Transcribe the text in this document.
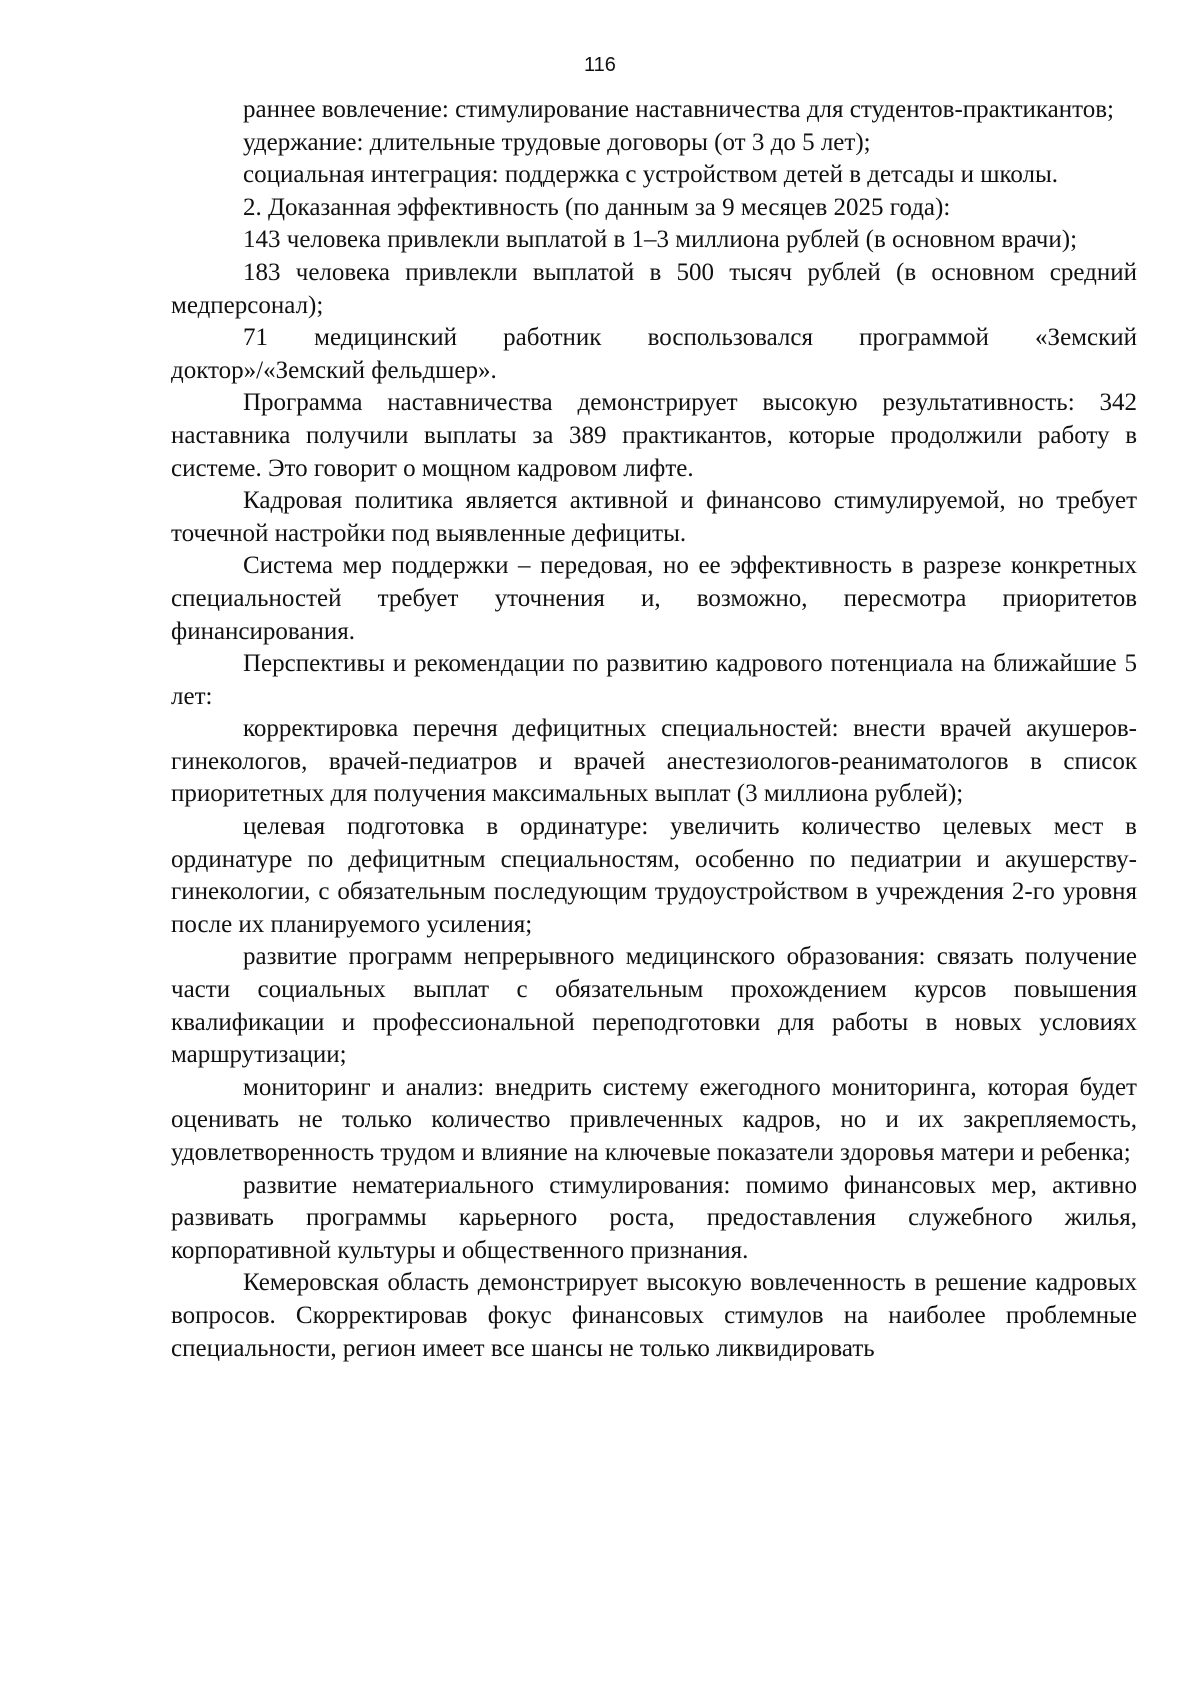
116

раннее вовлечение: стимулирование наставничества для студентов-практикантов;

удержание: длительные трудовые договоры (от 3 до 5 лет);

социальная интеграция: поддержка с устройством детей в детсады и школы.

2. Доказанная эффективность (по данным за 9 месяцев 2025 года):

143 человека привлекли выплатой в 1–3 миллиона рублей (в основном врачи);

183 человека привлекли выплатой в 500 тысяч рублей (в основном средний медперсонал);

71 медицинский работник воспользовался программой «Земский доктор»/«Земский фельдшер».

Программа наставничества демонстрирует высокую результативность: 342 наставника получили выплаты за 389 практикантов, которые продолжили работу в системе. Это говорит о мощном кадровом лифте.

Кадровая политика является активной и финансово стимулируемой, но требует точечной настройки под выявленные дефициты.

Система мер поддержки – передовая, но ее эффективность в разрезе конкретных специальностей требует уточнения и, возможно, пересмотра приоритетов финансирования.

Перспективы и рекомендации по развитию кадрового потенциала на ближайшие 5 лет:

корректировка перечня дефицитных специальностей: внести врачей акушеров-гинекологов, врачей-педиатров и врачей анестезиологов-реаниматологов в список приоритетных для получения максимальных выплат (3 миллиона рублей);

целевая подготовка в ординатуре: увеличить количество целевых мест в ординатуре по дефицитным специальностям, особенно по педиатрии и акушерству-гинекологии, с обязательным последующим трудоустройством в учреждения 2-го уровня после их планируемого усиления;

развитие программ непрерывного медицинского образования: связать получение части социальных выплат с обязательным прохождением курсов повышения квалификации и профессиональной переподготовки для работы в новых условиях маршрутизации;

мониторинг и анализ: внедрить систему ежегодного мониторинга, которая будет оценивать не только количество привлеченных кадров, но и их закрепляемость, удовлетворенность трудом и влияние на ключевые показатели здоровья матери и ребенка;

развитие нематериального стимулирования: помимо финансовых мер, активно развивать программы карьерного роста, предоставления служебного жилья, корпоративной культуры и общественного признания.

Кемеровская область демонстрирует высокую вовлеченность в решение кадровых вопросов. Скорректировав фокус финансовых стимулов на наиболее проблемные специальности, регион имеет все шансы не только ликвидировать
